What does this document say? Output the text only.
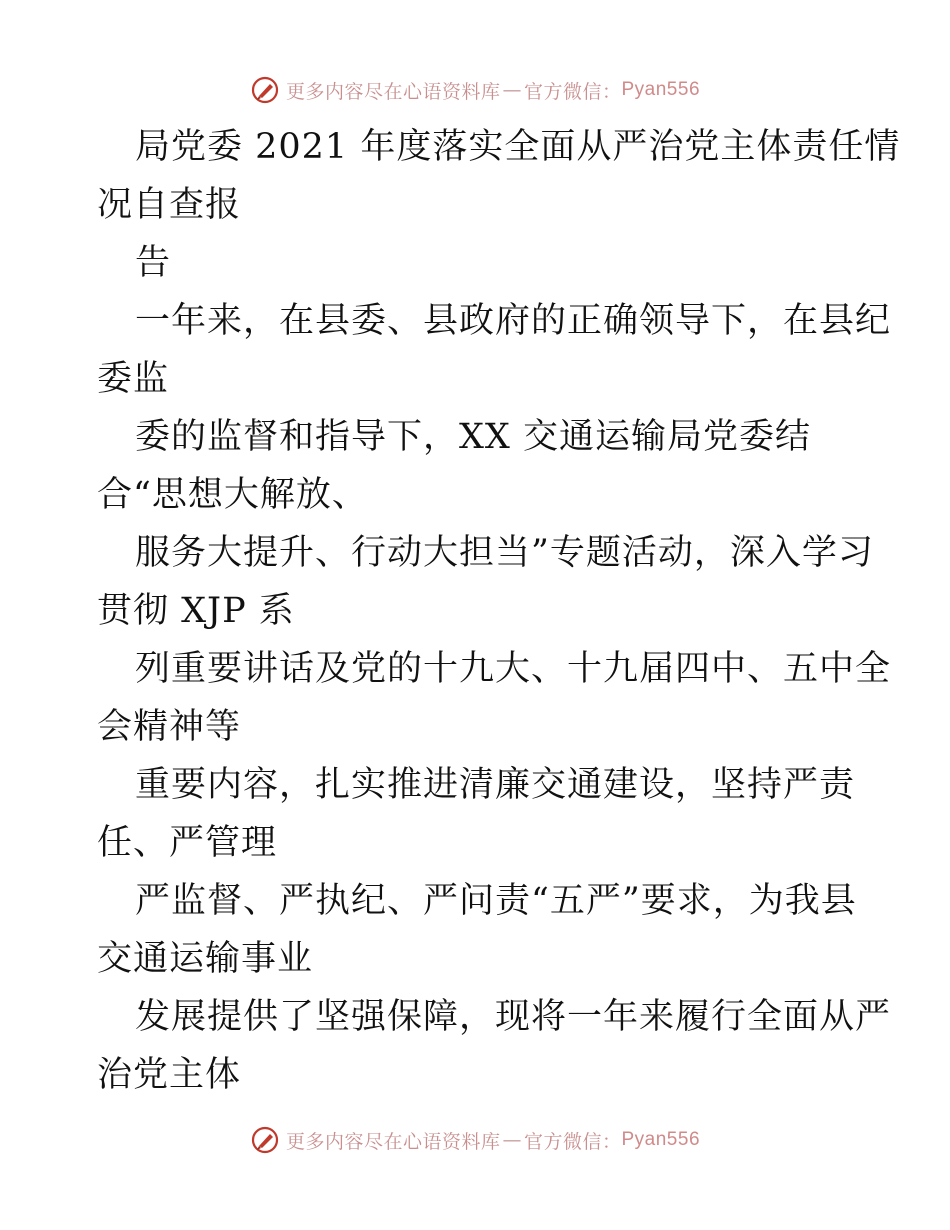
更多内容尽在心语资料库 — 官方微信： Pyan556
局党委 2021 年度落实全面从严治党主体责任情
况自查报
告
一年来，在县委、县政府的正确领导下，在县纪
委监
委的监督和指导下，XX 交通运输局党委结
合“思想大解放、
服务大提升、行动大担当”专题活动，深入学习
贯彻 XJP 系
列重要讲话及党的十九大、十九届四中、五中全
会精神等
重要内容，扎实推进清廉交通建设，坚持严责
任、严管理
严监督、严执纪、严问责“五严”要求，为我县
交通运输事业
发展提供了坚强保障，现将一年来履行全面从严
治党主体
更多内容尽在心语资料库 — 官方微信： Pyan556
